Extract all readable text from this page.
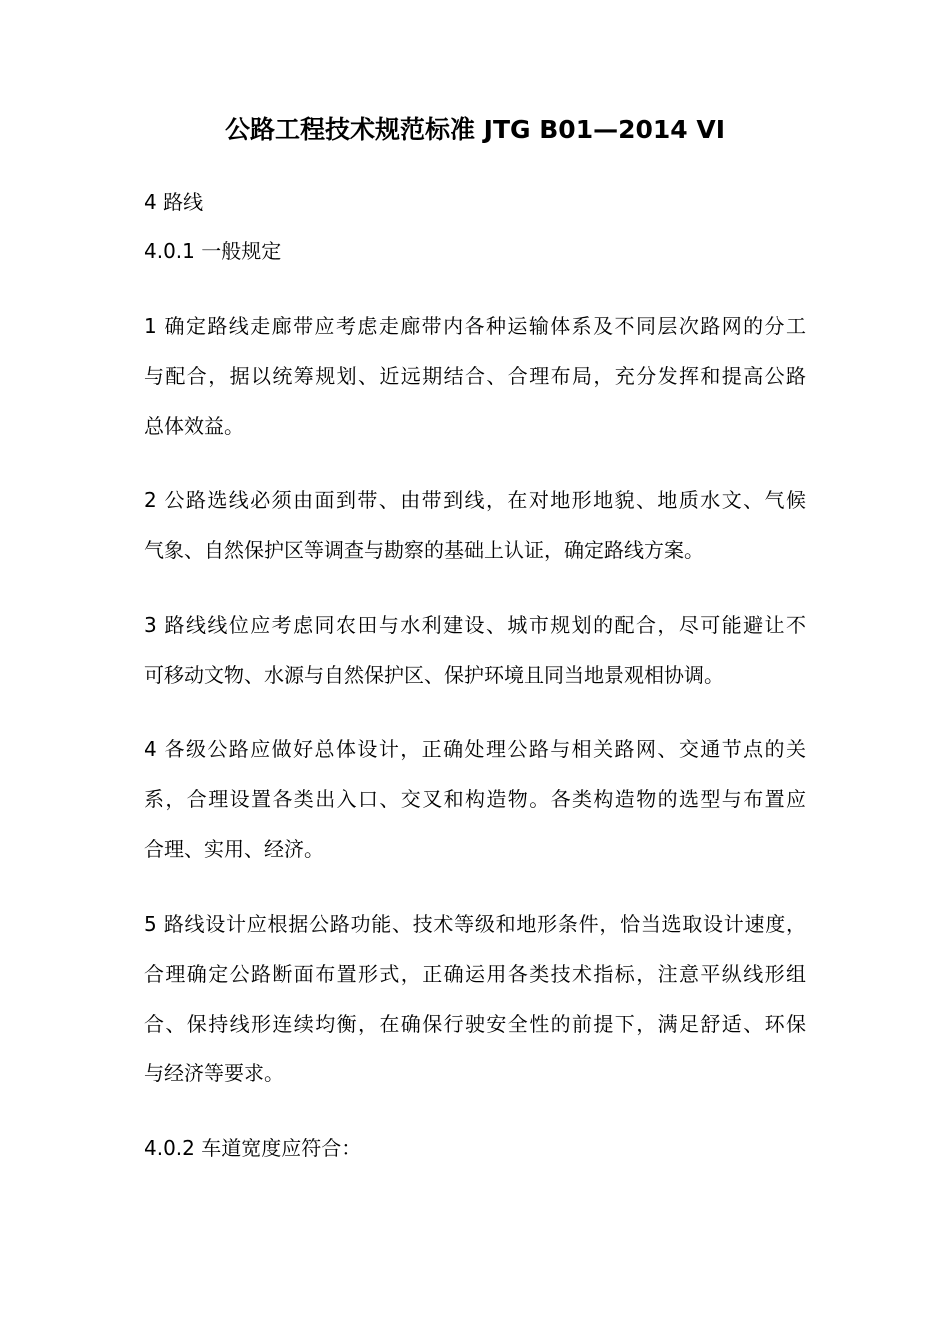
公路工程技术规范标准 JTG B01—2014 VI
4 路线
4.0.1 一般规定
1 确定路线走廊带应考虑走廊带内各种运输体系及不同层次路网的分工
与配合，据以统筹规划、近远期结合、合理布局，充分发挥和提高公路
总体效益。
2 公路选线必须由面到带、由带到线，在对地形地貌、地质水文、气候
气象、自然保护区等调查与勘察的基础上认证，确定路线方案。
3 路线线位应考虑同农田与水利建设、城市规划的配合，尽可能避让不
可移动文物、水源与自然保护区、保护环境且同当地景观相协调。
4 各级公路应做好总体设计，正确处理公路与相关路网、交通节点的关
系，合理设置各类出入口、交叉和构造物。各类构造物的选型与布置应
合理、实用、经济。
5 路线设计应根据公路功能、技术等级和地形条件，恰当选取设计速度，
合理确定公路断面布置形式，正确运用各类技术指标，注意平纵线形组
合、保持线形连续均衡，在确保行驶安全性的前提下，满足舒适、环保
与经济等要求。
4.0.2 车道宽度应符合：
